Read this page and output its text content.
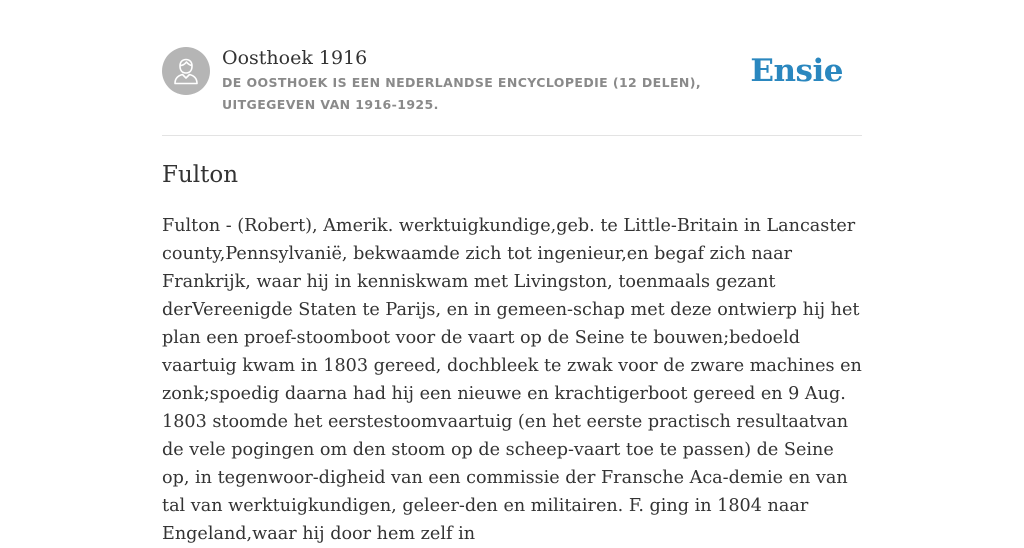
Oosthoek 1916
DE OOSTHOEK IS EEN NEDERLANDSE ENCYCLOPEDIE (12 DELEN), UITGEGEVEN VAN 1916-1925.
Ensie
Fulton

Fulton - (Robert), Amerik. werktuigkundige,geb. te Little-Britain in Lancaster county,Pennsylvanië, bekwaamde zich tot ingenieur,en begaf zich naar Frankrijk, waar hij in kenniskwam met Livingston, toenmaals gezant derVereenigde Staten te Parijs, en in gemeen-schap met deze ontwierp hij het plan een proef-stoomboot voor de vaart op de Seine te bouwen;bedoeld vaartuig kwam in 1803 gereed, dochbleek te zwak voor de zware machines en zonk;spoedig daarna had hij een nieuwe en krachtigerboot gereed en 9 Aug. 1803 stoomde het eerstestoomvaartuig (en het eerste practisch resultaatvan de vele pogingen om den stoom op de scheep-vaart toe te passen) de Seine op, in tegenwoor-digheid van een commissie der Fransche Aca-demie en van tal van werktuigkundigen, geleer-den en militairen. F. ging in 1804 naar Engeland,waar hij door hem zelf in
